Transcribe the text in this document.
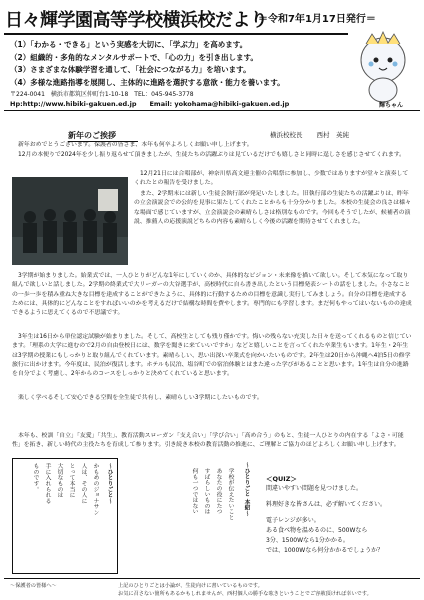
日々輝学園高等学校横浜校だより
＝令和7年1月17日発行＝
（1）「わかる・できる」という実感を大切に、「学ぶ力」を高めます。
（2）組織的・多角的なメンタルサポートで、「心の力」を引き出します。
（3）さまざまな体験学習を通して、「社会につながる力」を培います。
（4）多様な進路指導を展開し、主体的に進路を選択する意欲・能力を養います。
〒224-0041　横浜市都筑区仲町台1-10-18　TEL：045-945-3778
Hp:http://www.hibiki-gakuen.ed.jp　　Email: yokohama@hibiki-gakuen.ed.jp	輝ちゃん
新年のご挨拶	横浜校校長 西村　英純
新年おめでとうございます。保護者の皆さま、本年も何卒よろしくお願い申し上げます。
12月の本便りで2024年を少し振り返らせて頂きましたが、生徒たちの活躍ぶりは見ているだけでも嬉しさと同時に逞しさを感じさせてくれます。
12月21日には合唱部が、神奈川県高文連主催の合唱祭に参加し、少数ではありますが堂々と演奏してくれたとの報告を受けました。
また、2学期末には新しい生徒会執行部が発足いたしました。旧執行部の生徒たちの活躍ぶりは、昨年の立会演説会での公約を見事に果たしてくれたことからも十分分かりました。本校の生徒会の良さは様々な場面で感じていますが、立会演説会の素晴らしさは格別なものです。今回もそうでしたが、候補者の演説、推薦人の応援演説どちらの内容も素晴らしく今後の活躍を期待させてくれました。
3学期が始まりました。始業式では、一人ひとりがどんな1年にしていくのか、具体的なビジョン・未来像を描いて欲しい。そして本気になって取り組んで欲しいと話しました。2学期の終業式で大リーガーの大谷選手が、高校時代に自ら書き出したという目標発表シートの話をしました。小さなことの一歩一歩を積み重ね大きな目標を達成することができたように、具体的に行動するための目標を意識し実行してみましょう。自分の目標を達成するためには、具体的にどんなことをすればいいのかを考えるだけで結構な時間を費やします。専門的にも学習します。まだ何もやってはいないものの達成できるように思えてくるので不思議です。
3年生は16日から単位認定試験が始まりました。そして、高校生としても残り僅かです。悔いの残らない充実した日々を送ってくれるものと信じています。「理系の大学に進むので2月の自由登校日には、数学を聞きに来ていいですか」などと嬉しいことを言ってくれた卒業生もいます。1年生・2年生は3学期の授業にもしっかりと取り組んでくれています。素晴らしい、思い出深い卒業式を向かいたいものです。2年生は20日から沖縄へ4泊5日の修学旅行に出かけます。今年度は、民泊が復活します。ホテルも民泊、塩谷町での宿泊体験とはまた違った学びがあることと思います。1年生は自分の進路を自分でよく考慮し、2年からのコースをしっかりと決めてくれていると思います。
楽しく学べるそして安心できる空間を全生徒で共有し、素晴らしい3学期にしたいものです。
本年も、校訓「自立」「友愛」「共生」、教育活動スローガン「支え合い」「学び合い」「高め合う」のもと、生徒一人ひとりの内在する「よさ・可能性」を拓き、新しい時代の主役たちを育成して参ります。引き続き本校の教育活動の推進に、ご理解とご協力のほどよろしくお願い申し上げます。
～ひとりごと～
かもめのジョナサン
人は、その人に
とって本当に
大切なものは
手に入れられる
ものです。	～ひとりごと 本紹～
学校が伝えたいこと
あなたの役にたつ
すばらしいものは
何も一つではない	＜QUIZ＞
間違いやすい問題を見つけました。
料理好きな皆さんは、必ず解いてください。
電子レンジが多い。
ある食べ物を温めるのに、500Wなら
3分、1500Wなら1分かかる。
では、1000Wなら何分かかるでしょうか？
～保護者の皆様へ～	上記のひとりごとは小論が、生徒向けに書いているものです。
お気に召さない箇所もあるかもしれませんが、西村個人の勝手な呟きということでご容赦頂ければ幸いです。
